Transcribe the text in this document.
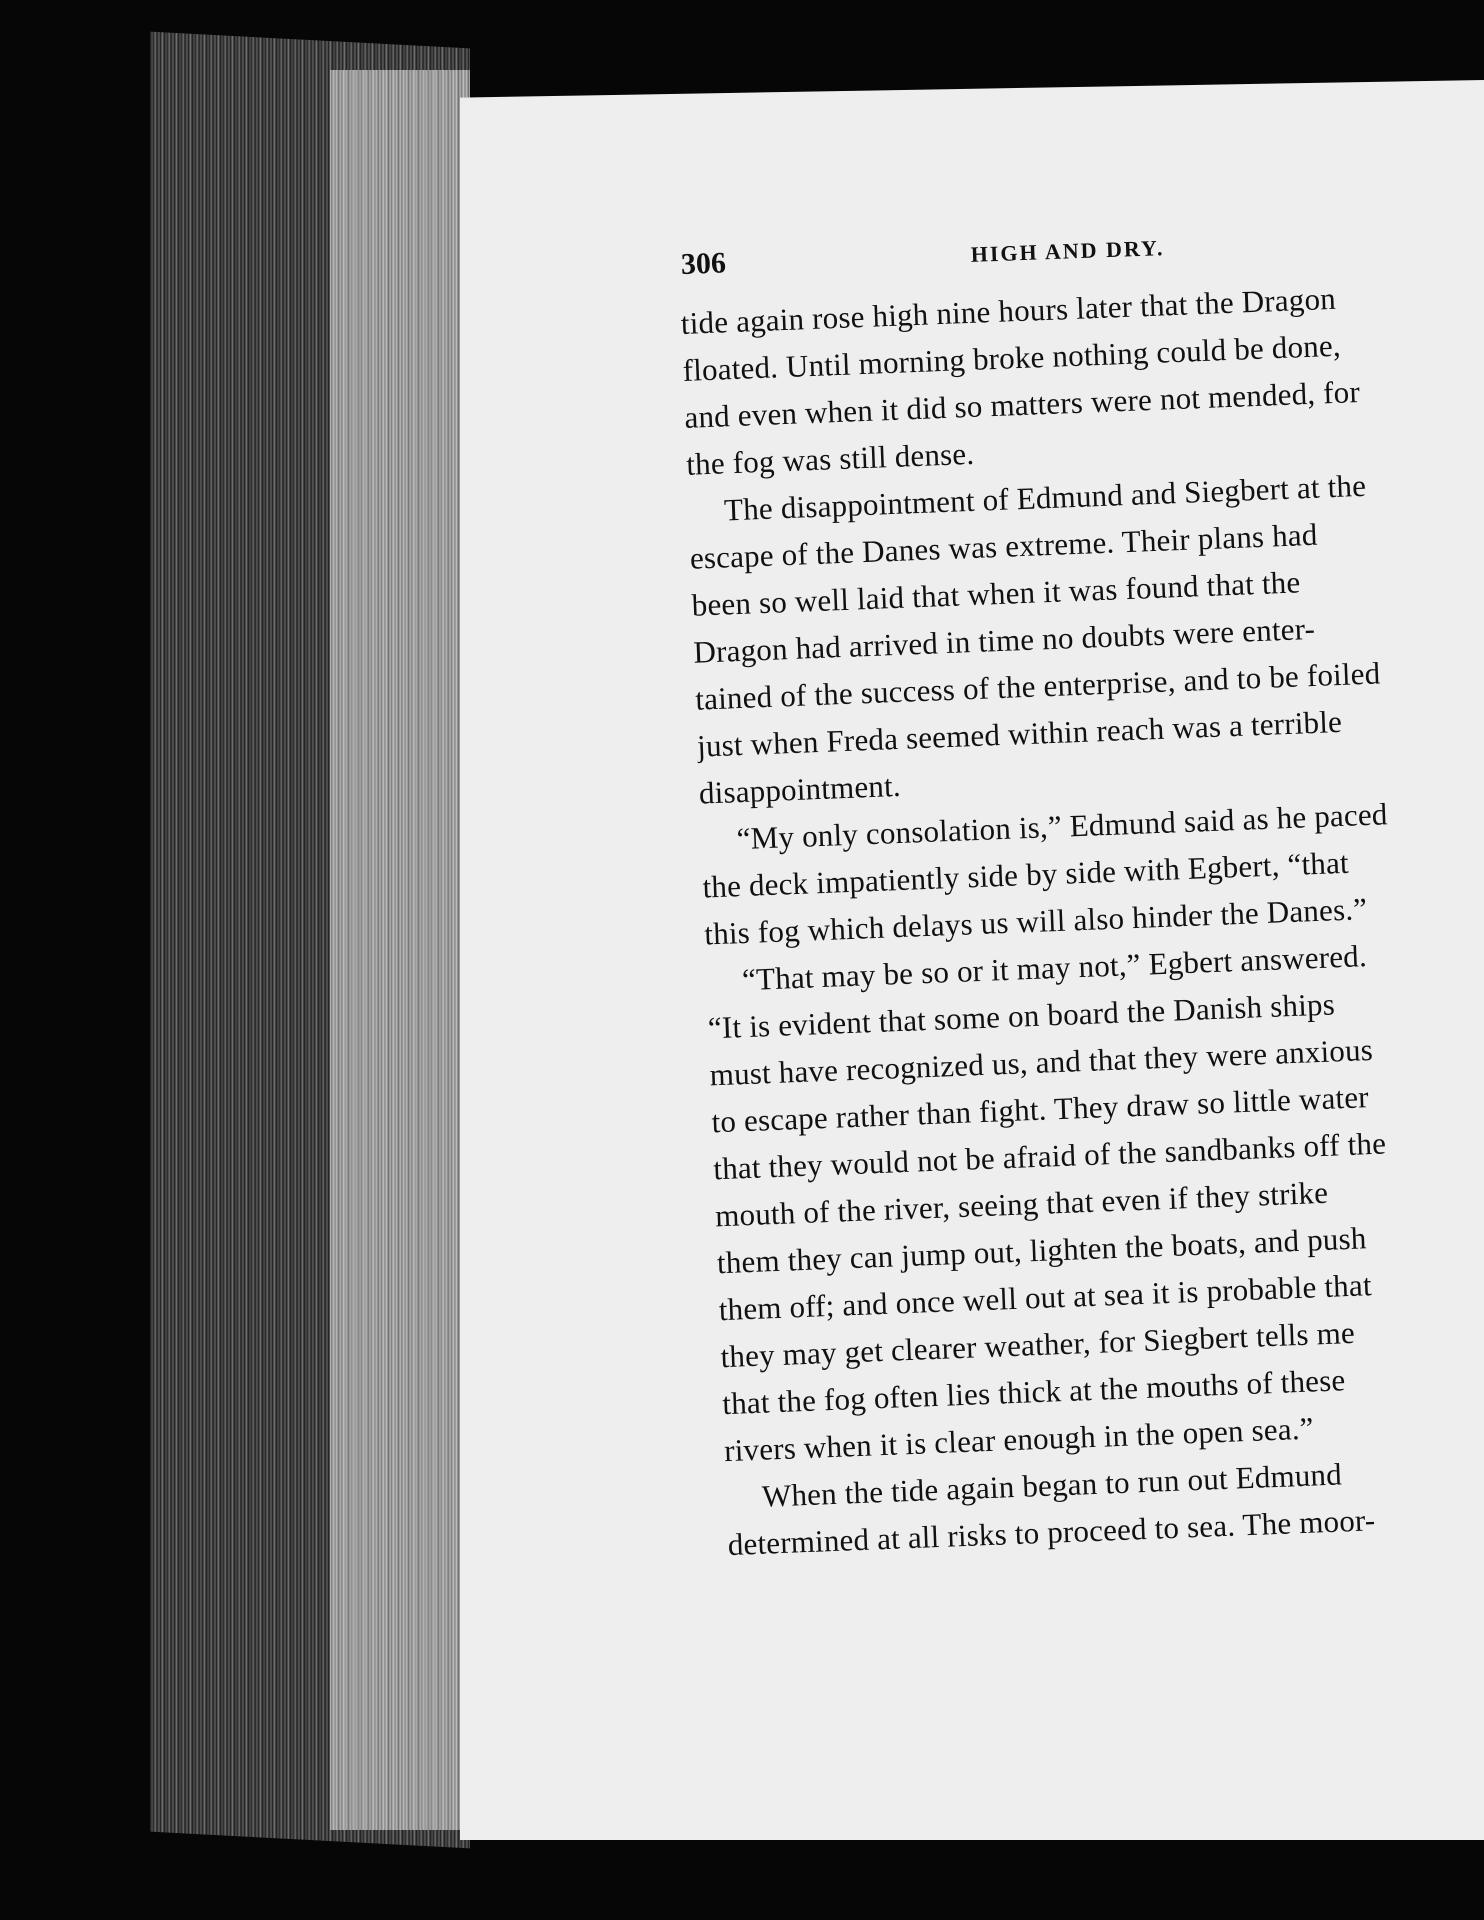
306	HIGH AND DRY.
tide again rose high nine hours later that the Dragon
floated. Until morning broke nothing could be done,
and even when it did so matters were not mended, for
the fog was still dense.
The disappointment of Edmund and Siegbert at the
escape of the Danes was extreme. Their plans had
been so well laid that when it was found that the
Dragon had arrived in time no doubts were enter-
tained of the success of the enterprise, and to be foiled
just when Freda seemed within reach was a terrible
disappointment.
“My only consolation is,” Edmund said as he paced
the deck impatiently side by side with Egbert, “that
this fog which delays us will also hinder the Danes.”
“That may be so or it may not,” Egbert answered.
“It is evident that some on board the Danish ships
must have recognized us, and that they were anxious
to escape rather than fight. They draw so little water
that they would not be afraid of the sandbanks off the
mouth of the river, seeing that even if they strike
them they can jump out, lighten the boats, and push
them off; and once well out at sea it is probable that
they may get clearer weather, for Siegbert tells me
that the fog often lies thick at the mouths of these
rivers when it is clear enough in the open sea.”
When the tide again began to run out Edmund
determined at all risks to proceed to sea. The moor-
